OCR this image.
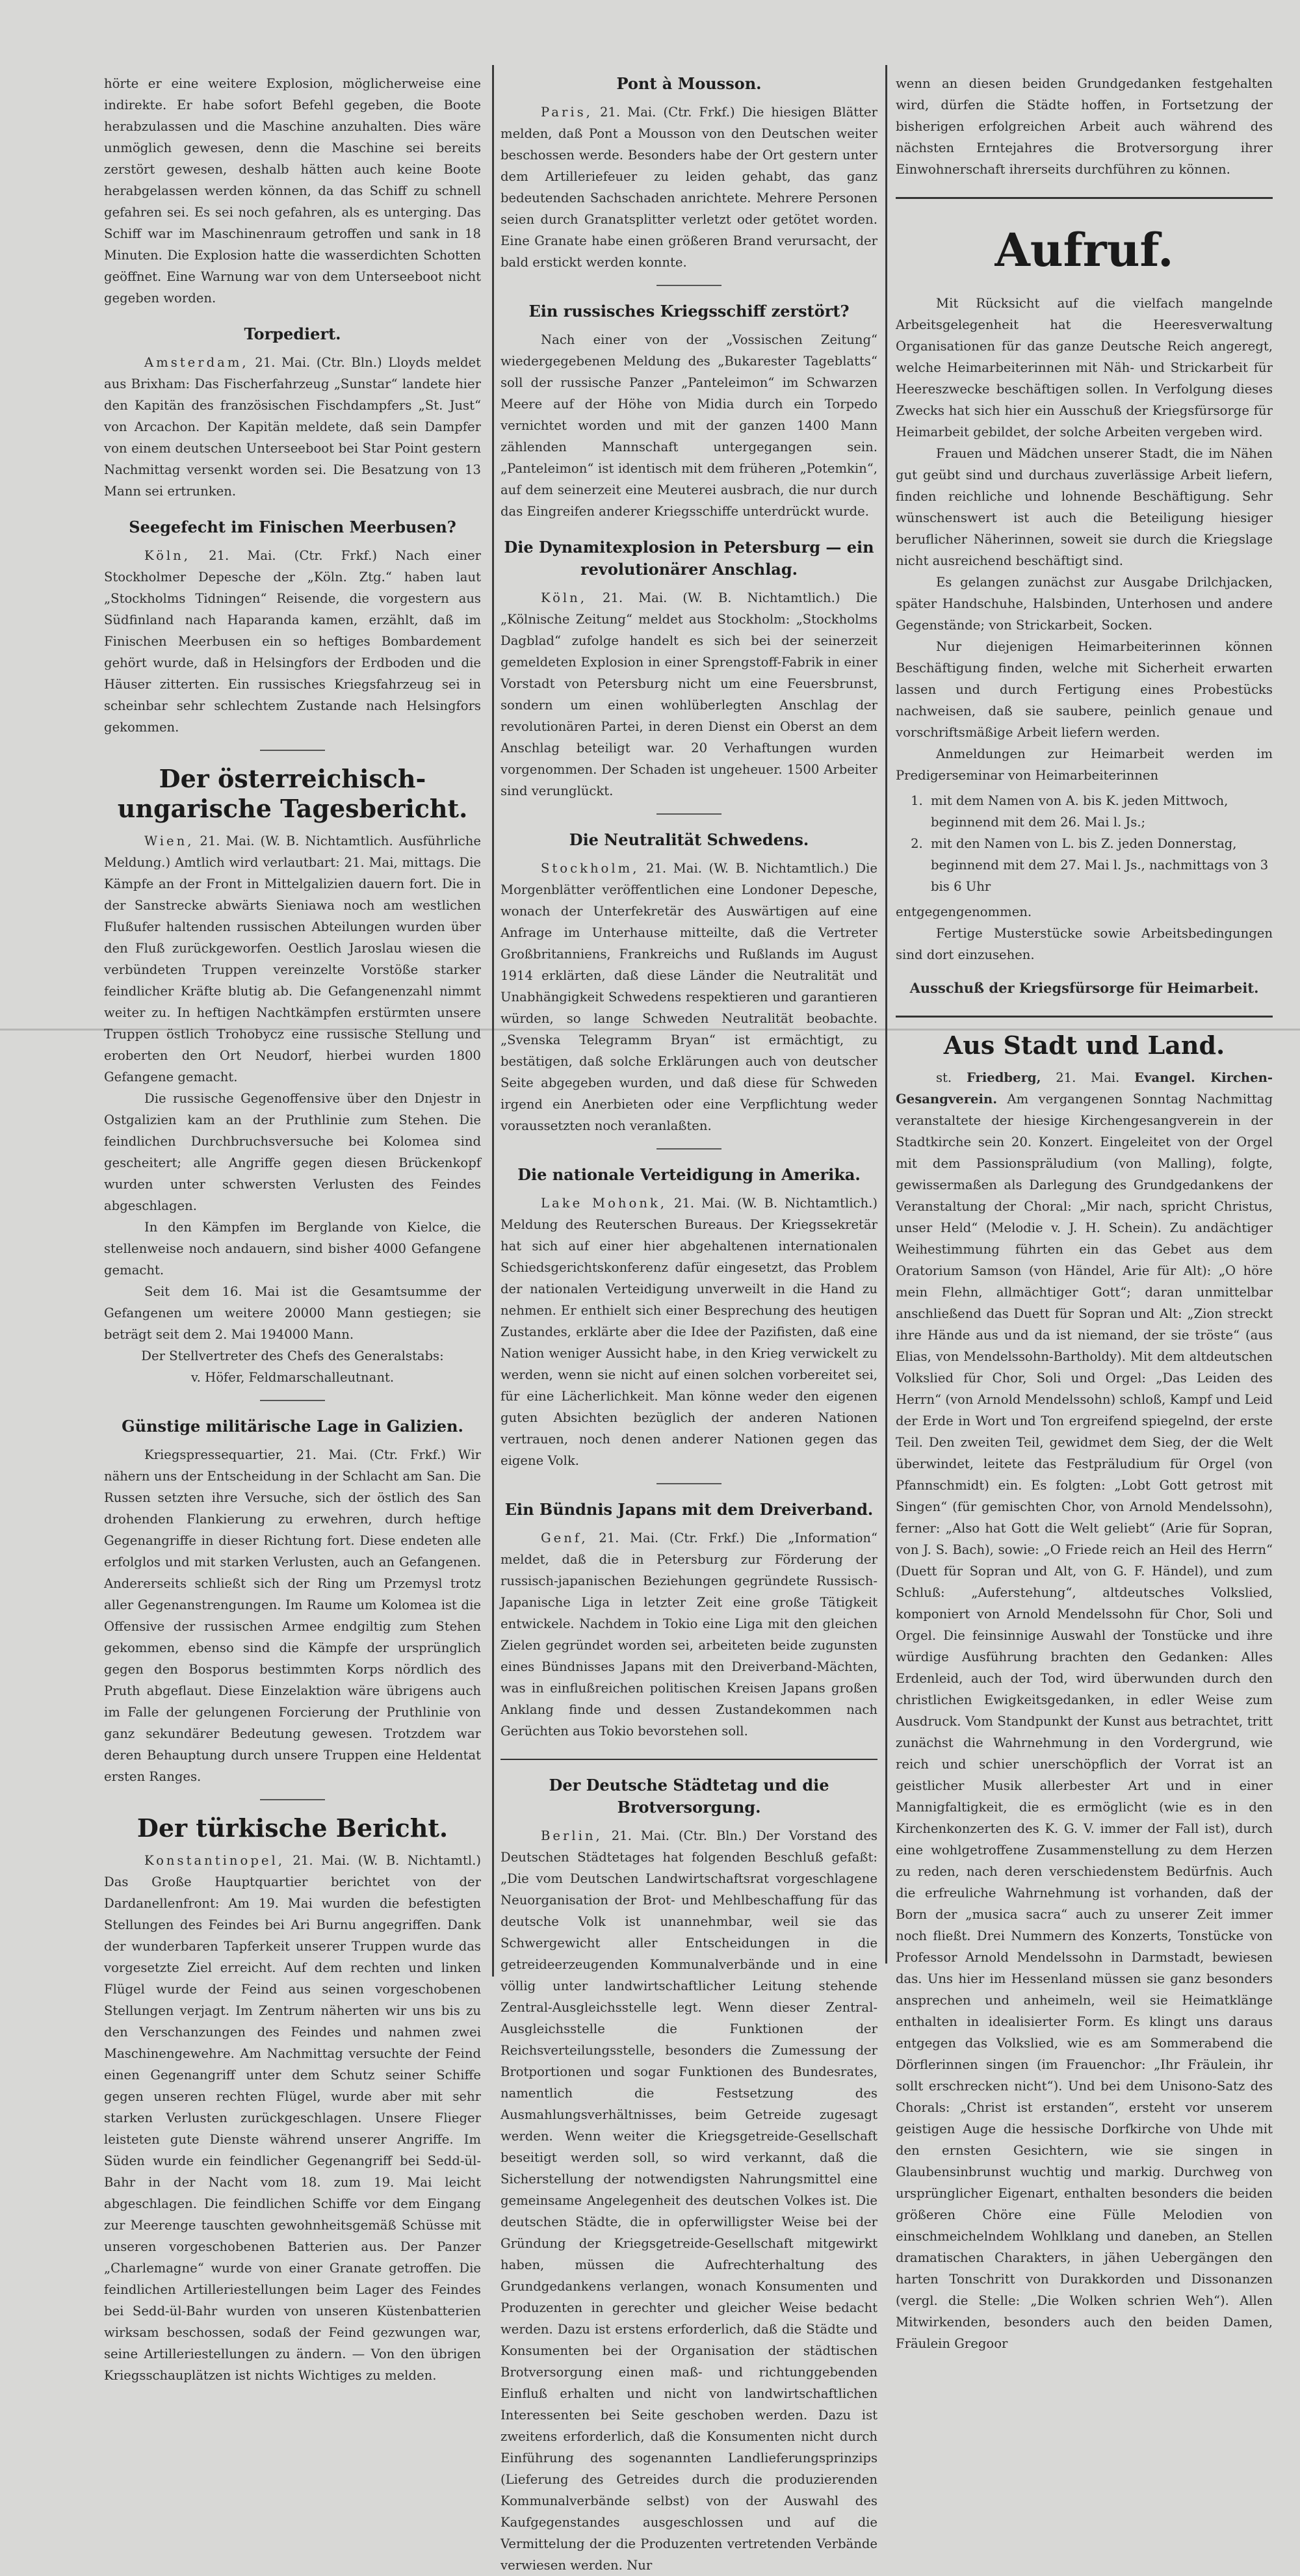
hörte er eine weitere Explosion, möglicherweise eine indirekte. Er habe sofort Befehl gegeben, die Boote herabzulassen und die Maschine anzuhalten. Dies wäre unmöglich gewesen, denn die Maschine sei bereits zerstört gewesen, deshalb hätten auch keine Boote herabgelassen werden können, da das Schiff zu schnell gefahren sei. Es sei noch gefahren, als es unterging. Das Schiff war im Maschinenraum getroffen und sank in 18 Minuten. Die Explosion hatte die wasserdichten Schotten geöffnet. Eine Warnung war von dem Unterseeboot nicht gegeben worden.

Torpediert.

Amsterdam, 21. Mai. (Ctr. Bln.) Lloyds meldet aus Brixham: Das Fischerfahrzeug „Sunstar“ landete hier den Kapitän des französischen Fischdampfers „St. Just“ von Arcachon. Der Kapitän meldete, daß sein Dampfer von einem deutschen Unterseeboot bei Star Point gestern Nachmittag versenkt worden sei. Die Besatzung von 13 Mann sei ertrunken.

Seegefecht im Finischen Meerbusen?

Köln, 21. Mai. (Ctr. Frkf.) Nach einer Stockholmer Depesche der „Köln. Ztg.“ haben laut „Stockholms Tidningen“ Reisende, die vorgestern aus Südfinland nach Haparanda kamen, erzählt, daß im Finischen Meerbusen ein so heftiges Bombardement gehört wurde, daß in Helsingfors der Erdboden und die Häuser zitterten. Ein russisches Kriegsfahrzeug sei in scheinbar sehr schlechtem Zustande nach Helsingfors gekommen.

Der österreichisch-ungarische Tagesbericht.

Wien, 21. Mai. (W. B. Nichtamtlich. Ausführliche Meldung.) Amtlich wird verlautbart: 21. Mai, mittags. Die Kämpfe an der Front in Mittelgalizien dauern fort. Die in der Sanstrecke abwärts Sieniawa noch am westlichen Flußufer haltenden russischen Abteilungen wurden über den Fluß zurückgeworfen. Oestlich Jaroslau wiesen die verbündeten Truppen vereinzelte Vorstöße starker feindlicher Kräfte blutig ab. Die Gefangenenzahl nimmt weiter zu. In heftigen Nachtkämpfen erstürmten unsere Truppen östlich Trohobycz eine russische Stellung und eroberten den Ort Neudorf, hierbei wurden 1800 Gefangene gemacht.

Die russische Gegenoffensive über den Dnjestr in Ostgalizien kam an der Pruthlinie zum Stehen. Die feindlichen Durchbruchsversuche bei Kolomea sind gescheitert; alle Angriffe gegen diesen Brückenkopf wurden unter schwersten Verlusten des Feindes abgeschlagen.

In den Kämpfen im Berglande von Kielce, die stellenweise noch andauern, sind bisher 4000 Gefangene gemacht.

Seit dem 16. Mai ist die Gesamtsumme der Gefangenen um weitere 20000 Mann gestiegen; sie beträgt seit dem 2. Mai 194000 Mann.

Der Stellvertreter des Chefs des Generalstabs:

v. Höfer, Feldmarschalleutnant.

Günstige militärische Lage in Galizien.

Kriegspressequartier, 21. Mai. (Ctr. Frkf.) Wir nähern uns der Entscheidung in der Schlacht am San. Die Russen setzten ihre Versuche, sich der östlich des San drohenden Flankierung zu erwehren, durch heftige Gegenangriffe in dieser Richtung fort. Diese endeten alle erfolglos und mit starken Verlusten, auch an Gefangenen. Andererseits schließt sich der Ring um Przemysl trotz aller Gegenanstrengungen. Im Raume um Kolomea ist die Offensive der russischen Armee endgiltig zum Stehen gekommen, ebenso sind die Kämpfe der ursprünglich gegen den Bosporus bestimmten Korps nördlich des Pruth abgeflaut. Diese Einzelaktion wäre übrigens auch im Falle der gelungenen Forcierung der Pruthlinie von ganz sekundärer Bedeutung gewesen. Trotzdem war deren Behauptung durch unsere Truppen eine Heldentat ersten Ranges.

Der türkische Bericht.

Konstantinopel, 21. Mai. (W. B. Nichtamtl.) Das Große Hauptquartier berichtet von der Dardanellenfront: Am 19. Mai wurden die befestigten Stellungen des Feindes bei Ari Burnu angegriffen. Dank der wunderbaren Tapferkeit unserer Truppen wurde das vorgesetzte Ziel erreicht. Auf dem rechten und linken Flügel wurde der Feind aus seinen vorgeschobenen Stellungen verjagt. Im Zentrum näherten wir uns bis zu den Verschanzungen des Feindes und nahmen zwei Maschinengewehre. Am Nachmittag versuchte der Feind einen Gegenangriff unter dem Schutz seiner Schiffe gegen unseren rechten Flügel, wurde aber mit sehr starken Verlusten zurückgeschlagen. Unsere Flieger leisteten gute Dienste während unserer Angriffe. Im Süden wurde ein feindlicher Gegenangriff bei Sedd-ül-Bahr in der Nacht vom 18. zum 19. Mai leicht abgeschlagen. Die feindlichen Schiffe vor dem Eingang zur Meerenge tauschten gewohnheitsgemäß Schüsse mit unseren vorgeschobenen Batterien aus. Der Panzer „Charlemagne“ wurde von einer Granate getroffen. Die feindlichen Artilleriestellungen beim Lager des Feindes bei Sedd-ül-Bahr wurden von unseren Küstenbatterien wirksam beschossen, sodaß der Feind gezwungen war, seine Artilleriestellungen zu ändern. — Von den übrigen Kriegsschauplätzen ist nichts Wichtiges zu melden.

Pont à Mousson.

Paris, 21. Mai. (Ctr. Frkf.) Die hiesigen Blätter melden, daß Pont a Mousson von den Deutschen weiter beschossen werde. Besonders habe der Ort gestern unter dem Artilleriefeuer zu leiden gehabt, das ganz bedeutenden Sachschaden anrichtete. Mehrere Personen seien durch Granatsplitter verletzt oder getötet worden. Eine Granate habe einen größeren Brand verursacht, der bald erstickt werden konnte.

Ein russisches Kriegsschiff zerstört?

Nach einer von der „Vossischen Zeitung“ wiedergegebenen Meldung des „Bukarester Tageblatts“ soll der russische Panzer „Panteleimon“ im Schwarzen Meere auf der Höhe von Midia durch ein Torpedo vernichtet worden und mit der ganzen 1400 Mann zählenden Mannschaft untergegangen sein. „Panteleimon“ ist identisch mit dem früheren „Potemkin“, auf dem seinerzeit eine Meuterei ausbrach, die nur durch das Eingreifen anderer Kriegsschiffe unterdrückt wurde.

Die Dynamitexplosion in Petersburg — ein revolutionärer Anschlag.

Köln, 21. Mai. (W. B. Nichtamtlich.) Die „Kölnische Zeitung“ meldet aus Stockholm: „Stockholms Dagblad“ zufolge handelt es sich bei der seinerzeit gemeldeten Explosion in einer Sprengstoff-Fabrik in einer Vorstadt von Petersburg nicht um eine Feuersbrunst, sondern um einen wohlüberlegten Anschlag der revolutionären Partei, in deren Dienst ein Oberst an dem Anschlag beteiligt war. 20 Verhaftungen wurden vorgenommen. Der Schaden ist ungeheuer. 1500 Arbeiter sind verunglückt.

Die Neutralität Schwedens.

Stockholm, 21. Mai. (W. B. Nichtamtlich.) Die Morgenblätter veröffentlichen eine Londoner Depesche, wonach der Unterfekretär des Auswärtigen auf eine Anfrage im Unterhause mitteilte, daß die Vertreter Großbritanniens, Frankreichs und Rußlands im August 1914 erklärten, daß diese Länder die Neutralität und Unabhängigkeit Schwedens respektieren und garantieren würden, so lange Schweden Neutralität beobachte. „Svenska Telegramm Bryan“ ist ermächtigt, zu bestätigen, daß solche Erklärungen auch von deutscher Seite abgegeben wurden, und daß diese für Schweden irgend ein Anerbieten oder eine Verpflichtung weder voraussetzten noch veranlaßten.

Die nationale Verteidigung in Amerika.

Lake Mohonk, 21. Mai. (W. B. Nichtamtlich.) Meldung des Reuterschen Bureaus. Der Kriegssekretär hat sich auf einer hier abgehaltenen internationalen Schiedsgerichtskonferenz dafür eingesetzt, das Problem der nationalen Verteidigung unverweilt in die Hand zu nehmen. Er enthielt sich einer Besprechung des heutigen Zustandes, erklärte aber die Idee der Pazifisten, daß eine Nation weniger Aussicht habe, in den Krieg verwickelt zu werden, wenn sie nicht auf einen solchen vorbereitet sei, für eine Lächerlichkeit. Man könne weder den eigenen guten Absichten bezüglich der anderen Nationen vertrauen, noch denen anderer Nationen gegen das eigene Volk.

Ein Bündnis Japans mit dem Dreiverband.

Genf, 21. Mai. (Ctr. Frkf.) Die „Information“ meldet, daß die in Petersburg zur Förderung der russisch-japanischen Beziehungen gegründete Russisch-Japanische Liga in letzter Zeit eine große Tätigkeit entwickele. Nachdem in Tokio eine Liga mit den gleichen Zielen gegründet worden sei, arbeiteten beide zugunsten eines Bündnisses Japans mit den Dreiverband-Mächten, was in einflußreichen politischen Kreisen Japans großen Anklang finde und dessen Zustandekommen nach Gerüchten aus Tokio bevorstehen soll.

Der Deutsche Städtetag und die Brotversorgung.

Berlin, 21. Mai. (Ctr. Bln.) Der Vorstand des Deutschen Städtetages hat folgenden Beschluß gefaßt: „Die vom Deutschen Landwirtschaftsrat vorgeschlagene Neuorganisation der Brot- und Mehlbeschaffung für das deutsche Volk ist unannehmbar, weil sie das Schwergewicht aller Entscheidungen in die getreideerzeugenden Kommunalverbände und in eine völlig unter landwirtschaftlicher Leitung stehende Zentral-Ausgleichsstelle legt. Wenn dieser Zentral-Ausgleichsstelle die Funktionen der Reichsverteilungsstelle, besonders die Zumessung der Brotportionen und sogar Funktionen des Bundesrates, namentlich die Festsetzung des Ausmahlungsverhältnisses, beim Getreide zugesagt werden. Wenn weiter die Kriegsgetreide-Gesellschaft beseitigt werden soll, so wird verkannt, daß die Sicherstellung der notwendigsten Nahrungsmittel eine gemeinsame Angelegenheit des deutschen Volkes ist. Die deutschen Städte, die in opferwilligster Weise bei der Gründung der Kriegsgetreide-Gesellschaft mitgewirkt haben, müssen die Aufrechterhaltung des Grundgedankens verlangen, wonach Konsumenten und Produzenten in gerechter und gleicher Weise bedacht werden. Dazu ist erstens erforderlich, daß die Städte und Konsumenten bei der Organisation der städtischen Brotversorgung einen maß- und richtunggebenden Einfluß erhalten und nicht von landwirtschaftlichen Interessenten bei Seite geschoben werden. Dazu ist zweitens erforderlich, daß die Konsumenten nicht durch Einführung des sogenannten Landlieferungsprinzips (Lieferung des Getreides durch die produzierenden Kommunalverbände selbst) von der Auswahl des Kaufgegenstandes ausgeschlossen und auf die Vermittelung der die Produzenten vertretenden Verbände verwiesen werden. Nur

wenn an diesen beiden Grundgedanken festgehalten wird, dürfen die Städte hoffen, in Fortsetzung der bisherigen erfolgreichen Arbeit auch während des nächsten Erntejahres die Brotversorgung ihrer Einwohnerschaft ihrerseits durchführen zu können.

Aufruf.

Mit Rücksicht auf die vielfach mangelnde Arbeitsgelegenheit hat die Heeresverwaltung Organisationen für das ganze Deutsche Reich angeregt, welche Heimarbeiterinnen mit Näh- und Strickarbeit für Heereszwecke beschäftigen sollen. In Verfolgung dieses Zwecks hat sich hier ein Ausschuß der Kriegsfürsorge für Heimarbeit gebildet, der solche Arbeiten vergeben wird.

Frauen und Mädchen unserer Stadt, die im Nähen gut geübt sind und durchaus zuverlässige Arbeit liefern, finden reichliche und lohnende Beschäftigung. Sehr wünschenswert ist auch die Beteiligung hiesiger beruflicher Näherinnen, soweit sie durch die Kriegslage nicht ausreichend beschäftigt sind.

Es gelangen zunächst zur Ausgabe Drilchjacken, später Handschuhe, Halsbinden, Unterhosen und andere Gegenstände; von Strickarbeit, Socken.

Nur diejenigen Heimarbeiterinnen können Beschäftigung finden, welche mit Sicherheit erwarten lassen und durch Fertigung eines Probestücks nachweisen, daß sie saubere, peinlich genaue und vorschriftsmäßige Arbeit liefern werden.

Anmeldungen zur Heimarbeit werden im Predigerseminar von Heimarbeiterinnen

1. mit dem Namen von A. bis K. jeden Mittwoch, beginnend mit dem 26. Mai l. Js.;
2. mit den Namen von L. bis Z. jeden Donnerstag, beginnend mit dem 27. Mai l. Js., nachmittags von 3 bis 6 Uhr

entgegengenommen.

Fertige Musterstücke sowie Arbeitsbedingungen sind dort einzusehen.

Ausschuß der Kriegsfürsorge für Heimarbeit.

Aus Stadt und Land.

st. Friedberg, 21. Mai. Evangel. Kirchen-Gesangverein. Am vergangenen Sonntag Nachmittag veranstaltete der hiesige Kirchengesangverein in der Stadtkirche sein 20. Konzert. Eingeleitet von der Orgel mit dem Passionspräludium (von Malling), folgte, gewissermaßen als Darlegung des Grundgedankens der Veranstaltung der Choral: „Mir nach, spricht Christus, unser Held“ (Melodie v. J. H. Schein). Zu andächtiger Weihestimmung führten ein das Gebet aus dem Oratorium Samson (von Händel, Arie für Alt): „O höre mein Flehn, allmächtiger Gott“; daran unmittelbar anschließend das Duett für Sopran und Alt: „Zion streckt ihre Hände aus und da ist niemand, der sie tröste“ (aus Elias, von Mendelssohn-Bartholdy). Mit dem altdeutschen Volkslied für Chor, Soli und Orgel: „Das Leiden des Herrn“ (von Arnold Mendelssohn) schloß, Kampf und Leid der Erde in Wort und Ton ergreifend spiegelnd, der erste Teil. Den zweiten Teil, gewidmet dem Sieg, der die Welt überwindet, leitete das Festpräludium für Orgel (von Pfannschmidt) ein. Es folgten: „Lobt Gott getrost mit Singen“ (für gemischten Chor, von Arnold Mendelssohn), ferner: „Also hat Gott die Welt geliebt“ (Arie für Sopran, von J. S. Bach), sowie: „O Friede reich an Heil des Herrn“ (Duett für Sopran und Alt, von G. F. Händel), und zum Schluß: „Auferstehung“, altdeutsches Volkslied, komponiert von Arnold Mendelssohn für Chor, Soli und Orgel. Die feinsinnige Auswahl der Tonstücke und ihre würdige Ausführung brachten den Gedanken: Alles Erdenleid, auch der Tod, wird überwunden durch den christlichen Ewigkeitsgedanken, in edler Weise zum Ausdruck. Vom Standpunkt der Kunst aus betrachtet, tritt zunächst die Wahrnehmung in den Vordergrund, wie reich und schier unerschöpflich der Vorrat ist an geistlicher Musik allerbester Art und in einer Mannigfaltigkeit, die es ermöglicht (wie es in den Kirchenkonzerten des K. G. V. immer der Fall ist), durch eine wohlgetroffene Zusammenstellung zu dem Herzen zu reden, nach deren verschiedenstem Bedürfnis. Auch die erfreuliche Wahrnehmung ist vorhanden, daß der Born der „musica sacra“ auch zu unserer Zeit immer noch fließt. Drei Nummern des Konzerts, Tonstücke von Professor Arnold Mendelssohn in Darmstadt, bewiesen das. Uns hier im Hessenland müssen sie ganz besonders ansprechen und anheimeln, weil sie Heimatklänge enthalten in idealisierter Form. Es klingt uns daraus entgegen das Volkslied, wie es am Sommerabend die Dörflerinnen singen (im Frauenchor: „Ihr Fräulein, ihr sollt erschrecken nicht“). Und bei dem Unisono-Satz des Chorals: „Christ ist erstanden“, ersteht vor unserem geistigen Auge die hessische Dorfkirche von Uhde mit den ernsten Gesichtern, wie sie singen in Glaubensinbrunst wuchtig und markig. Durchweg von ursprünglicher Eigenart, enthalten besonders die beiden größeren Chöre eine Fülle Melodien von einschmeichelndem Wohlklang und daneben, an Stellen dramatischen Charakters, in jähen Uebergängen den harten Tonschritt von Durakkorden und Dissonanzen (vergl. die Stelle: „Die Wolken schrien Weh“). Allen Mitwirkenden, besonders auch den beiden Damen, Fräulein Gregoor
